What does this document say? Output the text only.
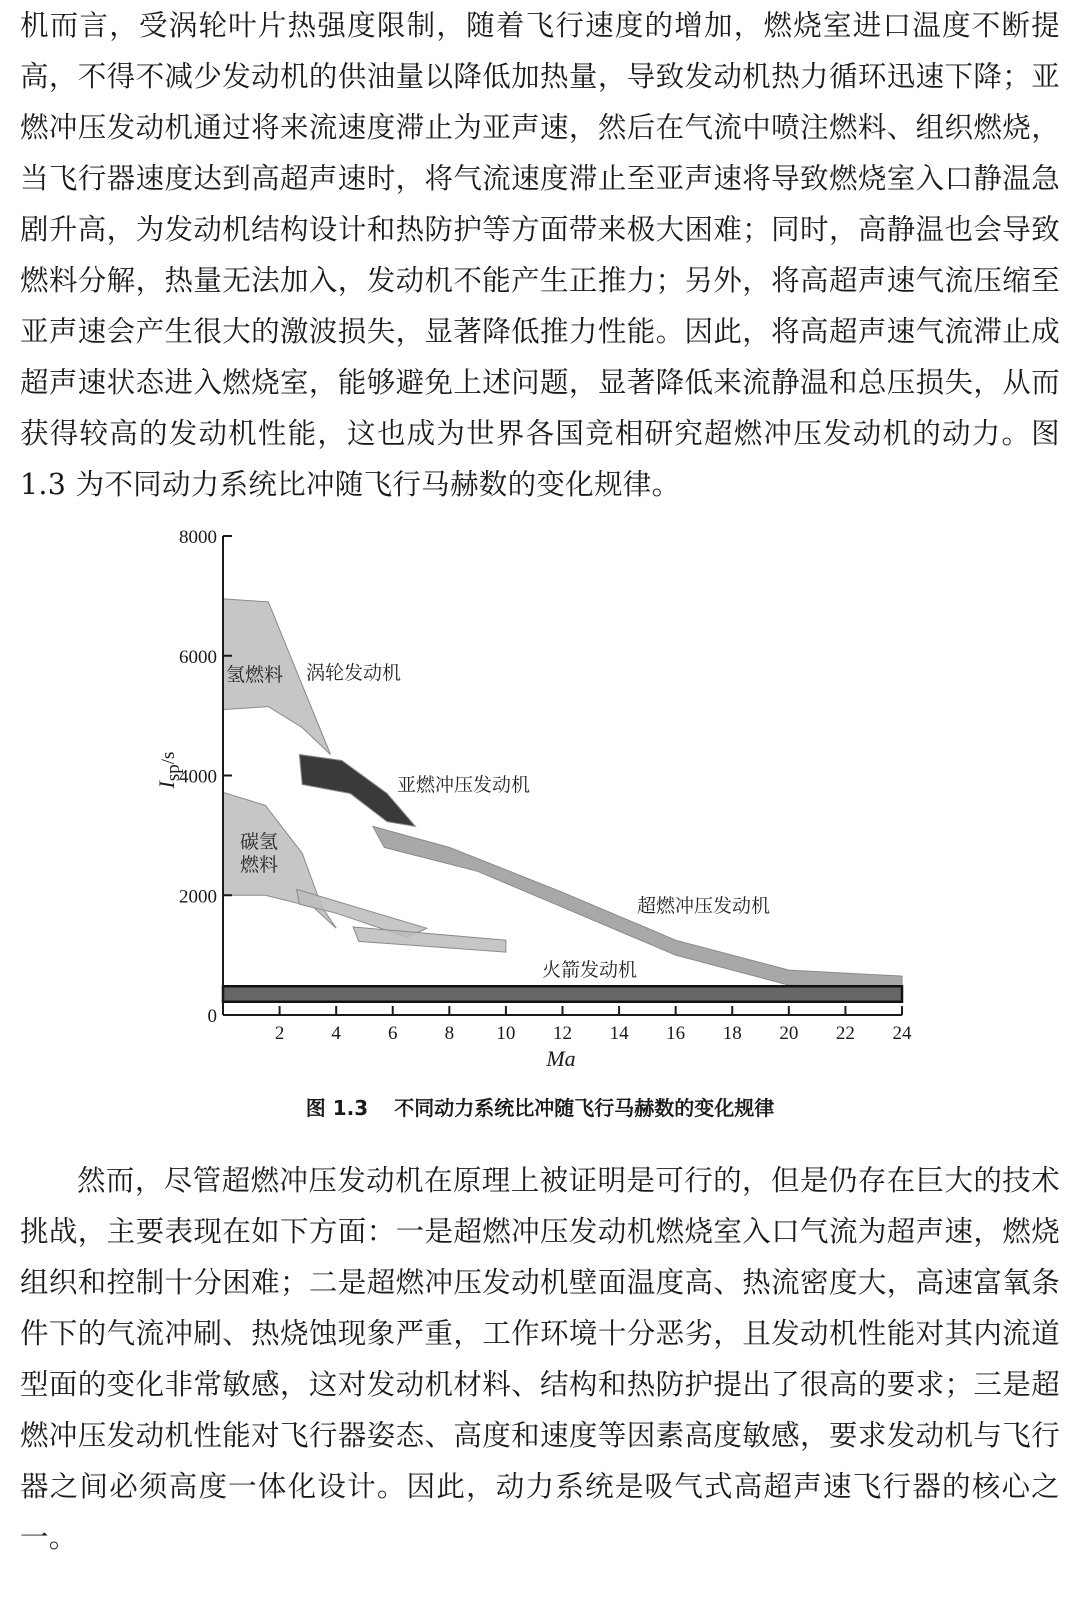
机而言，受涡轮叶片热强度限制，随着飞行速度的增加，燃烧室进口温度不断提高，不得不减少发动机的供油量以降低加热量，导致发动机热力循环迅速下降；亚燃冲压发动机通过将来流速度滞止为亚声速，然后在气流中喷注燃料、组织燃烧，当飞行器速度达到高超声速时，将气流速度滞止至亚声速将导致燃烧室入口静温急剧升高，为发动机结构设计和热防护等方面带来极大困难；同时，高静温也会导致燃料分解，热量无法加入，发动机不能产生正推力；另外，将高超声速气流压缩至亚声速会产生很大的激波损失，显著降低推力性能。因此，将高超声速气流滞止成超声速状态进入燃烧室，能够避免上述问题，显著降低来流静温和总压损失，从而获得较高的发动机性能，这也成为世界各国竞相研究超燃冲压发动机的动力。图 1.3 为不同动力系统比冲随飞行马赫数的变化规律。

0
2000
4000
6000
8000
2 4 6 8 10 12 14 16 18 20 22 24
氢燃料 涡轮发动机
亚燃冲压发动机
碳氢
燃料
超燃冲压发动机
火箭发动机
Ma
Isp/s
图 1.3 不同动力系统比冲随飞行马赫数的变化规律

然而，尽管超燃冲压发动机在原理上被证明是可行的，但是仍存在巨大的技术挑战，主要表现在如下方面：一是超燃冲压发动机燃烧室入口气流为超声速，燃烧组织和控制十分困难；二是超燃冲压发动机壁面温度高、热流密度大，高速富氧条件下的气流冲刷、热烧蚀现象严重，工作环境十分恶劣，且发动机性能对其内流道型面的变化非常敏感，这对发动机材料、结构和热防护提出了很高的要求；三是超燃冲压发动机性能对飞行器姿态、高度和速度等因素高度敏感，要求发动机与飞行器之间必须高度一体化设计。因此，动力系统是吸气式高超声速飞行器的核心之一。
